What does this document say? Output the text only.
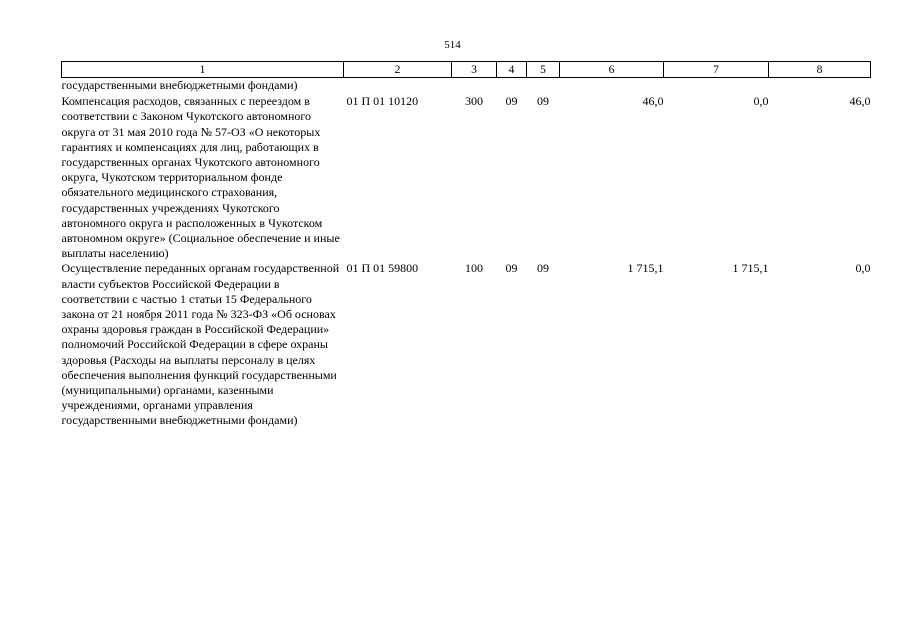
514
1	2	3	4	5	6	7	8
государственными внебюджетными фондами)							
Компенсация расходов, связанных с переездом в соответствии с Законом Чукотского автономного округа от 31 мая 2010 года № 57-ОЗ «О некоторых гарантиях и компенсациях для лиц, работающих в государственных органах Чукотского автономного округа, Чукотском территориальном фонде обязательного медицинского страхования, государственных учреждениях Чукотского автономного округа и расположенных в Чукотском автономном округе» (Социальное обеспечение и иные выплаты населению)	01 П 01 10120	300	09	09	46,0	0,0	46,0
Осуществление переданных органам государственной власти субъектов Российской Федерации в соответствии с частью 1 статьи 15 Федерального закона от 21 ноября 2011 года № 323-ФЗ «Об основах охраны здоровья граждан в Российской Федерации» полномочий Российской Федерации в сфере охраны здоровья (Расходы на выплаты персоналу в целях обеспечения выполнения функций государственными (муниципальными) органами, казенными учреждениями, органами управления государственными внебюджетными фондами)	01 П 01 59800	100	09	09	1 715,1	1 715,1	0,0
